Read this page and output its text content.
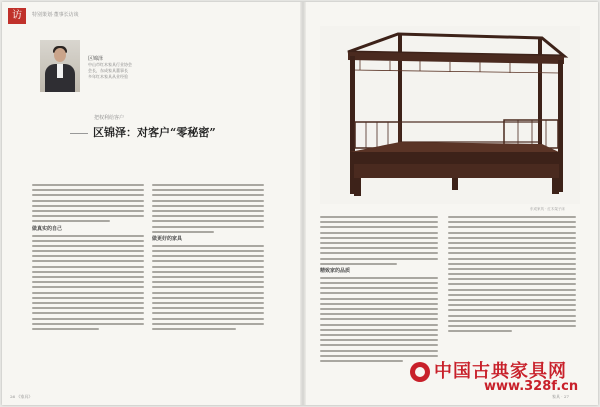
访	特别策划·董事长访谈
区锦泽
中山市红木家具行业协会
会长，东成家具董事长
多年红木家具从业经验
把权利给客户
区锦泽：对客户“零秘密”
做真实的自己
做更好的家具
东成家具 · 红木架子床
精致家的品质
26 《家具》	家具 · 27
中国古典家具网
www.328f.cn
